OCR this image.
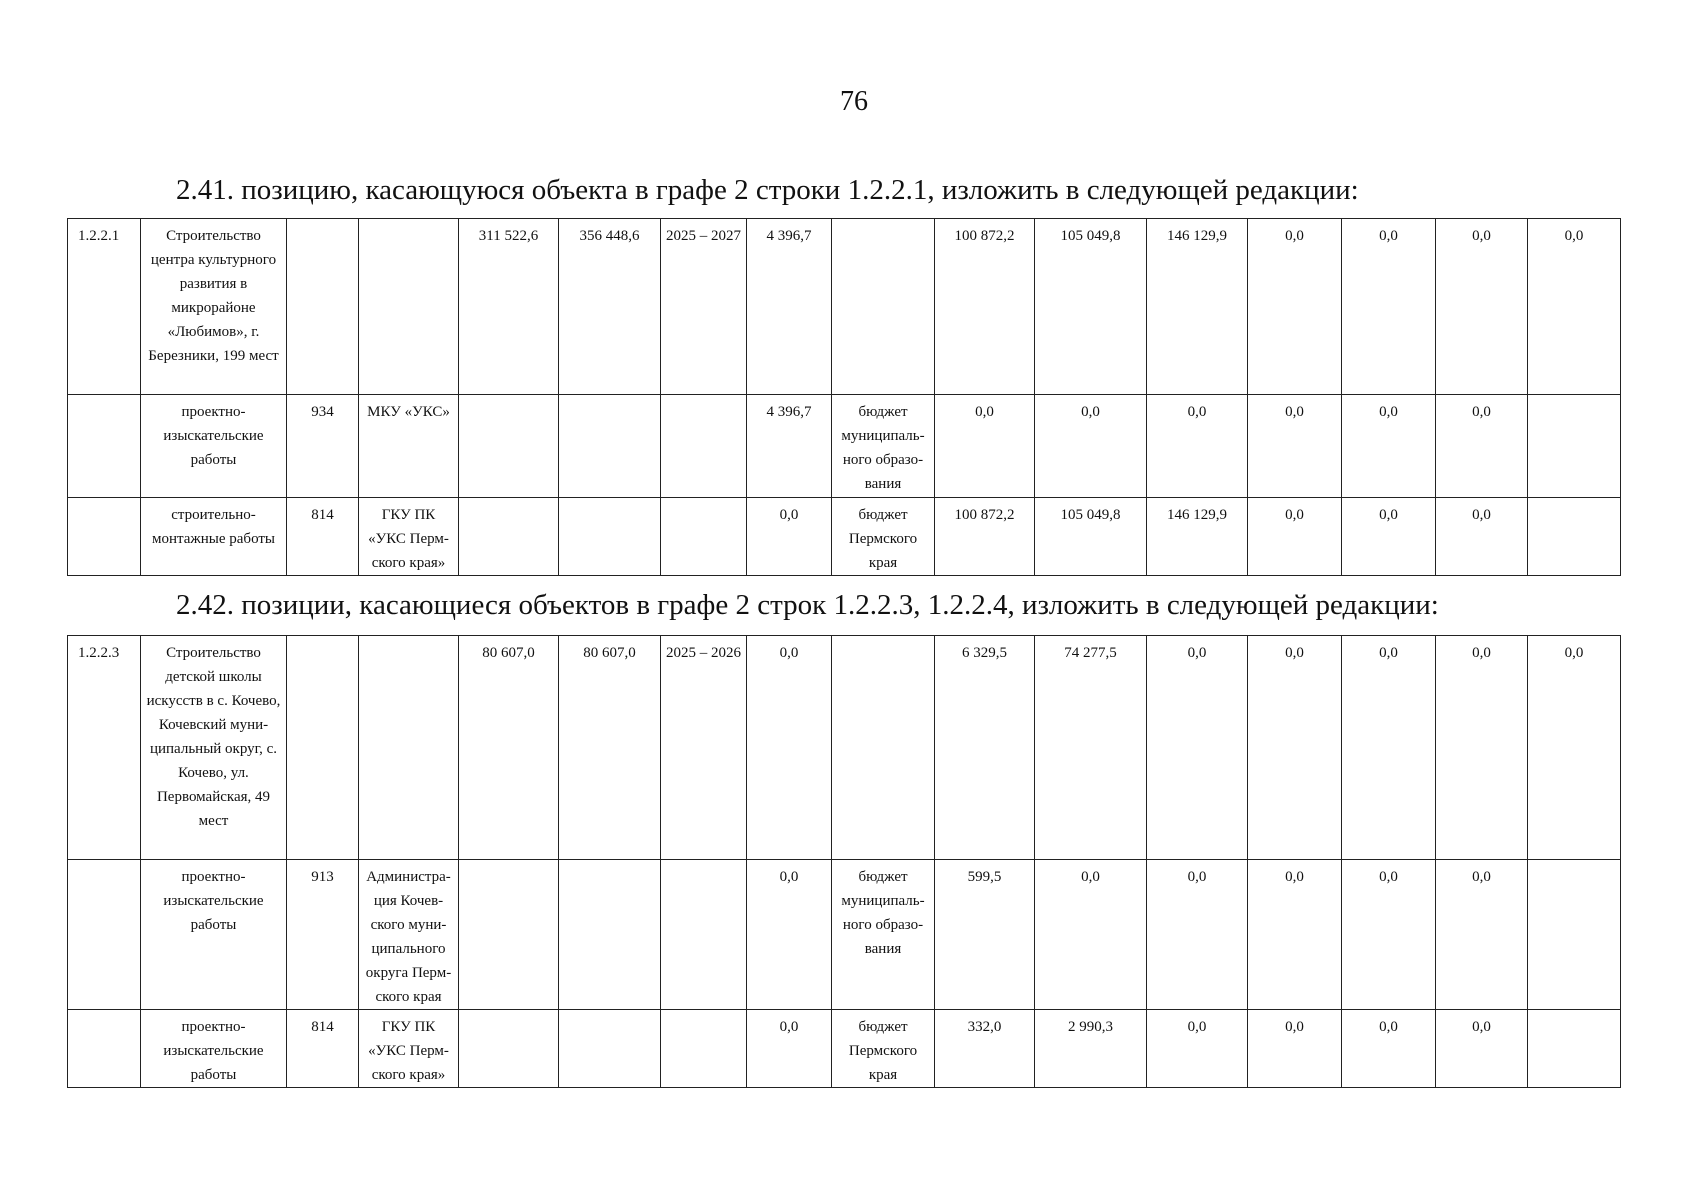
76
2.41. позицию, касающуюся объекта в графе 2 строки 1.2.2.1, изложить в следующей редакции:
1.2.2.1	Строительство центра культурного развития в микрорайоне «Любимов», г. Березники, 199 мест			311 522,6	356 448,6	2025 – 2027	4 396,7		100 872,2	105 049,8	146 129,9	0,0	0,0	0,0	0,0
	проектно-изыскательские работы	934	МКУ «УКС»				4 396,7	бюджет муниципаль-ного образо-вания	0,0	0,0	0,0	0,0	0,0	0,0	
	строительно-монтажные работы	814	ГКУ ПК «УКС Перм-ского края»				0,0	бюджет Пермского края	100 872,2	105 049,8	146 129,9	0,0	0,0	0,0	
2.42. позиции, касающиеся объектов в графе 2 строк 1.2.2.3, 1.2.2.4, изложить в следующей редакции:
1.2.2.3	Строительство детской школы искусств в с. Кочево, Кочевский муни-ципальный округ, с. Кочево, ул. Первомайская, 49 мест			80 607,0	80 607,0	2025 – 2026	0,0		6 329,5	74 277,5	0,0	0,0	0,0	0,0	0,0
	проектно-изыскательские работы	913	Администра-ция Кочев-ского муни-ципального округа Перм-ского края				0,0	бюджет муниципаль-ного образо-вания	599,5	0,0	0,0	0,0	0,0	0,0	
	проектно-изыскательские работы	814	ГКУ ПК «УКС Перм-ского края»				0,0	бюджет Пермского края	332,0	2 990,3	0,0	0,0	0,0	0,0	
